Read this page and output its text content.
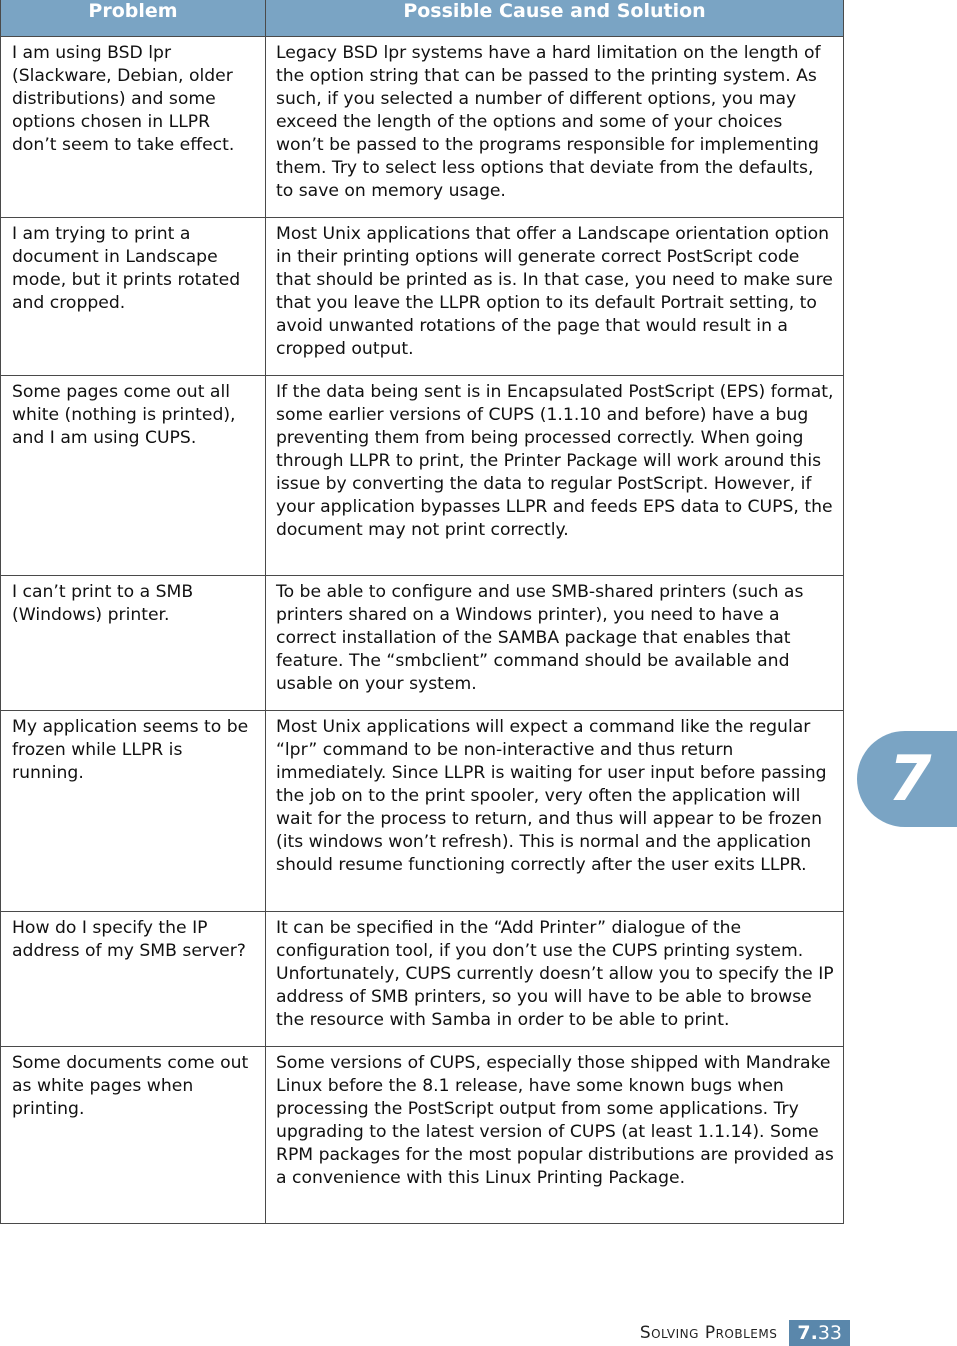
Problem	Possible Cause and Solution
I am using BSD lpr (Slackware, Debian, older distributions) and some options chosen in LLPR don’t seem to take effect.	Legacy BSD lpr systems have a hard limitation on the length of the option string that can be passed to the printing system. As such, if you selected a number of different options, you may exceed the length of the options and some of your choices won’t be passed to the programs responsible for implementing them. Try to select less options that deviate from the defaults, to save on memory usage.
I am trying to print a document in Landscape mode, but it prints rotated and cropped.	Most Unix applications that offer a Landscape orientation option in their printing options will generate correct PostScript code that should be printed as is. In that case, you need to make sure that you leave the LLPR option to its default Portrait setting, to avoid unwanted rotations of the page that would result in a cropped output.
Some pages come out all white (nothing is printed), and I am using CUPS.	If the data being sent is in Encapsulated PostScript (EPS) format, some earlier versions of CUPS (1.1.10 and before) have a bug preventing them from being processed correctly. When going through LLPR to print, the Printer Package will work around this issue by converting the data to regular PostScript. However, if your application bypasses LLPR and feeds EPS data to CUPS, the document may not print correctly.
I can’t print to a SMB (Windows) printer.	To be able to configure and use SMB-shared printers (such as printers shared on a Windows printer), you need to have a correct installation of the SAMBA package that enables that feature. The “smbclient” command should be available and usable on your system.
My application seems to be frozen while LLPR is running.	Most Unix applications will expect a command like the regular “lpr” command to be non-interactive and thus return immediately. Since LLPR is waiting for user input before passing the job on to the print spooler, very often the application will wait for the process to return, and thus will appear to be frozen (its windows won’t refresh). This is normal and the application should resume functioning correctly after the user exits LLPR.
How do I specify the IP address of my SMB server?	It can be specified in the “Add Printer” dialogue of the configuration tool, if you don’t use the CUPS printing system. Unfortunately, CUPS currently doesn’t allow you to specify the IP address of SMB printers, so you will have to be able to browse the resource with Samba in order to be able to print.
Some documents come out as white pages when printing.	Some versions of CUPS, especially those shipped with Mandrake Linux before the 8.1 release, have some known bugs when processing the PostScript output from some applications. Try upgrading to the latest version of CUPS (at least 1.1.14). Some RPM packages for the most popular distributions are provided as a convenience with this Linux Printing Package.
7
Solving Problems 7. 33
